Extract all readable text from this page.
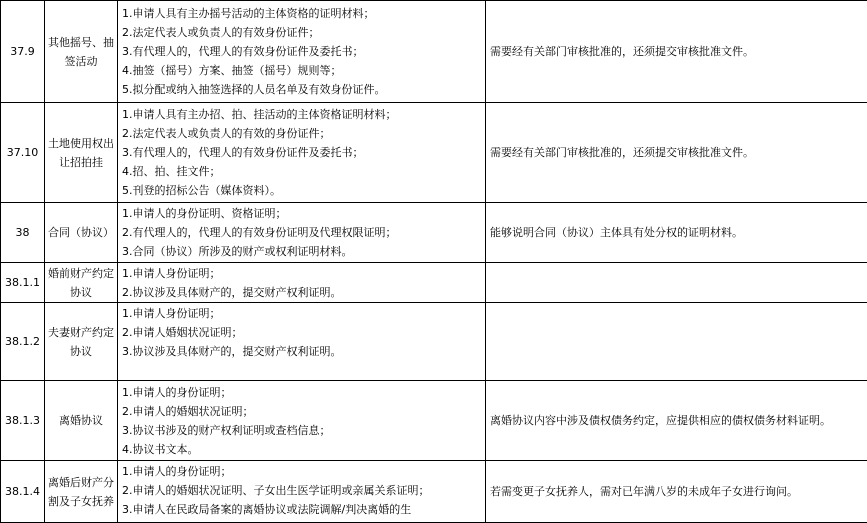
37.9	其他摇号、抽签活动	1.申请人具有主办摇号活动的主体资格的证明材料；
2.法定代表人或负责人的有效身份证件；
3.有代理人的，代理人的有效身份证件及委托书；
4.抽签（摇号）方案、抽签（摇号）规则等；
5.拟分配或纳入抽签选择的人员名单及有效身份证件。	需要经有关部门审核批准的，还须提交审核批准文件。

37.10	土地使用权出让招拍挂	1.申请人具有主办招、拍、挂活动的主体资格证明材料；
2.法定代表人或负责人的有效的身份证件；
3.有代理人的，代理人的有效身份证件及委托书；
4.招、拍、挂文件；
5.刊登的招标公告（媒体资料）。	需要经有关部门审核批准的，还须提交审核批准文件。

38	合同（协议）	1.申请人的身份证明、资格证明；
2.有代理人的，代理人的有效身份证明及代理权限证明；
3.合同（协议）所涉及的财产或权利证明材料。	能够说明合同（协议）主体具有处分权的证明材料。

38.1.1	婚前财产约定协议	1.申请人身份证明；
2.协议涉及具体财产的，提交财产权利证明。	

38.1.2	夫妻财产约定协议	1.申请人身份证明；
2.申请人婚姻状况证明；
3.协议涉及具体财产的，提交财产权利证明。	

38.1.3	离婚协议	1.申请人的身份证明；
2.申请人的婚姻状况证明；
3.协议书涉及的财产权利证明或查档信息；
4.协议书文本。	离婚协议内容中涉及债权债务约定，应提供相应的债权债务材料证明。

38.1.4	离婚后财产分割及子女抚养	1.申请人的身份证明；
2.申请人的婚姻状况证明、子女出生医学证明或亲属关系证明；
3.申请人在民政局备案的离婚协议或法院调解/判决离婚的生	若需变更子女抚养人，需对已年满八岁的未成年子女进行询问。
